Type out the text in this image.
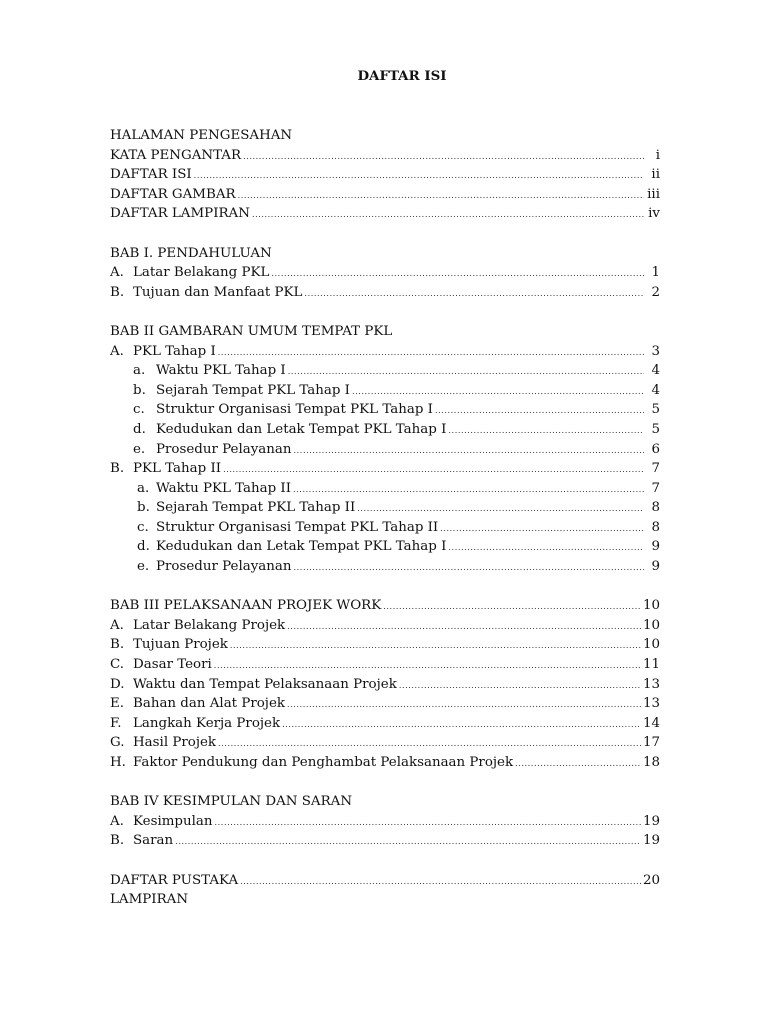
DAFTAR ISI
HALAMAN PENGESAHAN
KATA PENGANTAR .....	i
DAFTAR ISI .....	ii
DAFTAR GAMBAR .....	iii
DAFTAR LAMPIRAN .....	iv
BAB I. PENDAHULUAN
A. Latar Belakang PKL .....	1
B. Tujuan dan Manfaat PKL .....	2
BAB II GAMBARAN UMUM TEMPAT PKL
A. PKL Tahap I .....	3
a. Waktu PKL Tahap I .....	4
b. Sejarah Tempat PKL Tahap I .....	4
c. Struktur Organisasi Tempat PKL Tahap I .....	5
d. Kedudukan dan Letak Tempat PKL Tahap I .....	5
e. Prosedur Pelayanan .....	6
B. PKL Tahap II .....	7
a. Waktu PKL Tahap II .....	7
b. Sejarah Tempat PKL Tahap II .....	8
c. Struktur Organisasi Tempat PKL Tahap II .....	8
d. Kedudukan dan Letak Tempat PKL Tahap I .....	9
e. Prosedur Pelayanan .....	9
BAB III PELAKSANAAN PROJEK WORK .....	10
A. Latar Belakang Projek .....	10
B. Tujuan Projek .....	10
C. Dasar Teori .....	11
D. Waktu dan Tempat Pelaksanaan Projek .....	13
E. Bahan dan Alat Projek .....	13
F. Langkah Kerja Projek .....	14
G. Hasil Projek .....	17
H. Faktor Pendukung dan Penghambat Pelaksanaan Projek .....	18
BAB IV KESIMPULAN DAN SARAN
A. Kesimpulan .....	19
B. Saran .....	19
DAFTAR PUSTAKA .....	20
LAMPIRAN
